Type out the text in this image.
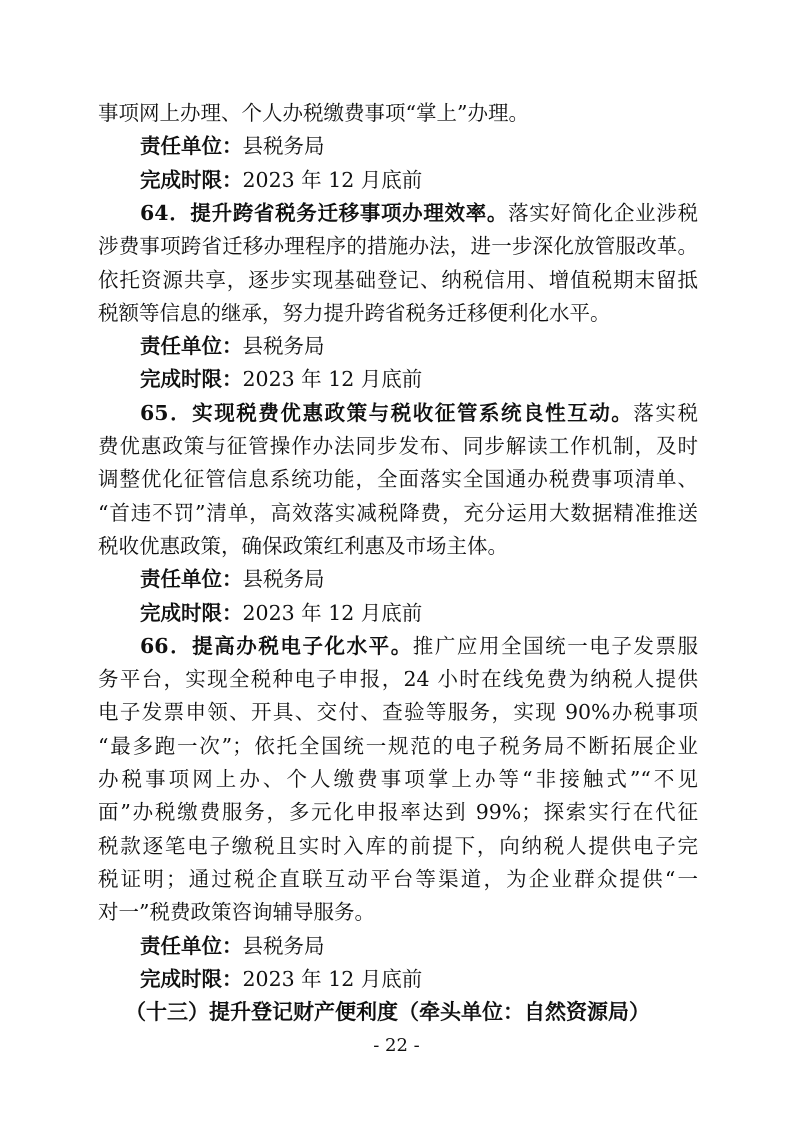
事项网上办理、个人办税缴费事项“掌上”办理。
责任单位：县税务局
完成时限：2023 年 12 月底前
64．提升跨省税务迁移事项办理效率。落实好简化企业涉税
涉费事项跨省迁移办理程序的措施办法，进一步深化放管服改革。
依托资源共享，逐步实现基础登记、纳税信用、增值税期末留抵
税额等信息的继承，努力提升跨省税务迁移便利化水平。
责任单位：县税务局
完成时限：2023 年 12 月底前
65．实现税费优惠政策与税收征管系统良性互动。落实税
费优惠政策与征管操作办法同步发布、同步解读工作机制，及时
调整优化征管信息系统功能，全面落实全国通办税费事项清单、
“首违不罚”清单，高效落实减税降费，充分运用大数据精准推送
税收优惠政策，确保政策红利惠及市场主体。
责任单位：县税务局
完成时限：2023 年 12 月底前
66．提高办税电子化水平。推广应用全国统一电子发票服
务平台，实现全税种电子申报，24 小时在线免费为纳税人提供
电子发票申领、开具、交付、查验等服务，实现 90%办税事项
“最多跑一次”；依托全国统一规范的电子税务局不断拓展企业
办税事项网上办、个人缴费事项掌上办等“非接触式”“不见
面”办税缴费服务，多元化申报率达到 99%；探索实行在代征
税款逐笔电子缴税且实时入库的前提下，向纳税人提供电子完
税证明；通过税企直联互动平台等渠道，为企业群众提供“一
对一”税费政策咨询辅导服务。
责任单位：县税务局
完成时限：2023 年 12 月底前
（十三）提升登记财产便利度（牵头单位：自然资源局）
- 22 -
